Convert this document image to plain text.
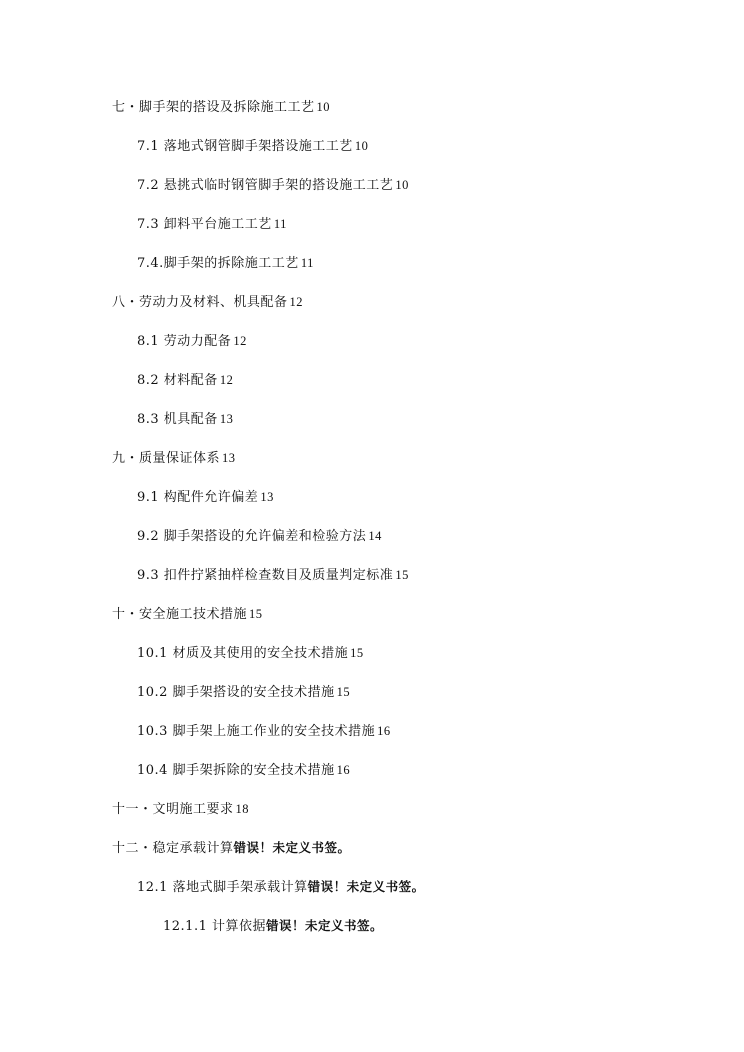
七・脚手架的搭设及拆除施工工艺 10
7.1 落地式钢管脚手架搭设施工工艺 10
7.2 悬挑式临时钢管脚手架的搭设施工工艺 10
7.3 卸料平台施工工艺 11
7.4.脚手架的拆除施工工艺 11
八・劳动力及材料、机具配备 12
8.1 劳动力配备 12
8.2 材料配备 12
8.3 机具配备 13
九・质量保证体系 13
9.1 构配件允许偏差 13
9.2 脚手架搭设的允许偏差和检验方法 14
9.3 扣件拧紧抽样检查数目及质量判定标准 15
十・安全施工技术措施 15
10.1 材质及其使用的安全技术措施 15
10.2 脚手架搭设的安全技术措施 15
10.3 脚手架上施工作业的安全技术措施 16
10.4 脚手架拆除的安全技术措施 16
十一・文明施工要求 18
十二・稳定承载计算错误！未定义书签。
12.1 落地式脚手架承载计算错误！未定义书签。
12.1.1 计算依据错误！未定义书签。
